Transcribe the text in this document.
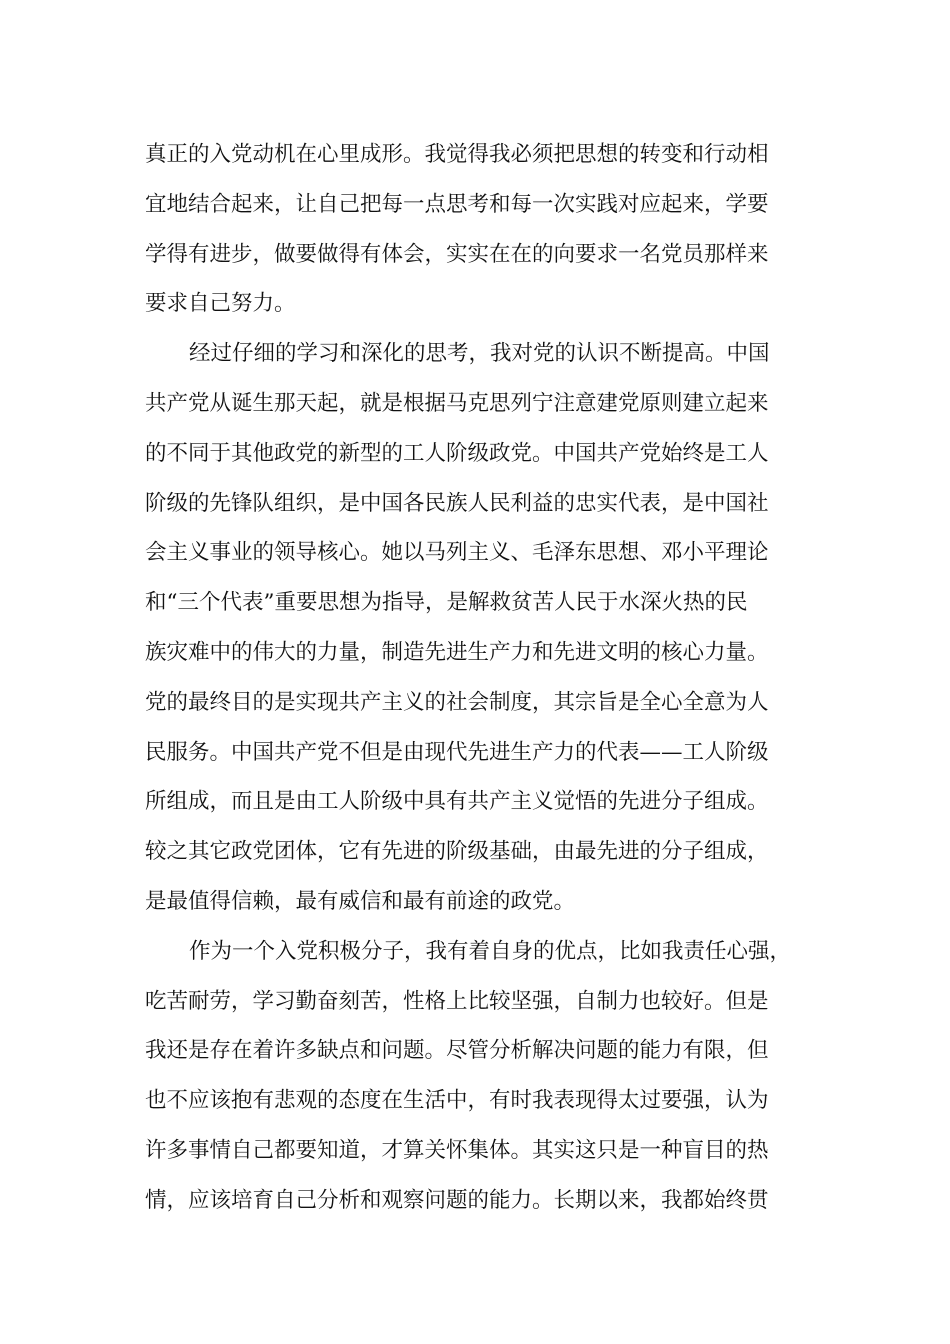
真正的入党动机在心里成形。我觉得我必须把思想的转变和行动相
宜地结合起来，让自己把每一点思考和每一次实践对应起来，学要
学得有进步，做要做得有体会，实实在在的向要求一名党员那样来
要求自己努力。
经过仔细的学习和深化的思考，我对党的认识不断提高。中国
共产党从诞生那天起，就是根据马克思列宁注意建党原则建立起来
的不同于其他政党的新型的工人阶级政党。中国共产党始终是工人
阶级的先锋队组织，是中国各民族人民利益的忠实代表，是中国社
会主义事业的领导核心。她以马列主义、毛泽东思想、邓小平理论
和“三个代表”重要思想为指导，是解救贫苦人民于水深火热的民
族灾难中的伟大的力量，制造先进生产力和先进文明的核心力量。
党的最终目的是实现共产主义的社会制度，其宗旨是全心全意为人
民服务。中国共产党不但是由现代先进生产力的代表——工人阶级
所组成，而且是由工人阶级中具有共产主义觉悟的先进分子组成。
较之其它政党团体，它有先进的阶级基础，由最先进的分子组成，
是最值得信赖，最有威信和最有前途的政党。
作为一个入党积极分子，我有着自身的优点，比如我责任心强，
吃苦耐劳，学习勤奋刻苦，性格上比较坚强，自制力也较好。但是
我还是存在着许多缺点和问题。尽管分析解决问题的能力有限，但
也不应该抱有悲观的态度在生活中，有时我表现得太过要强，认为
许多事情自己都要知道，才算关怀集体。其实这只是一种盲目的热
情，应该培育自己分析和观察问题的能力。长期以来，我都始终贯
